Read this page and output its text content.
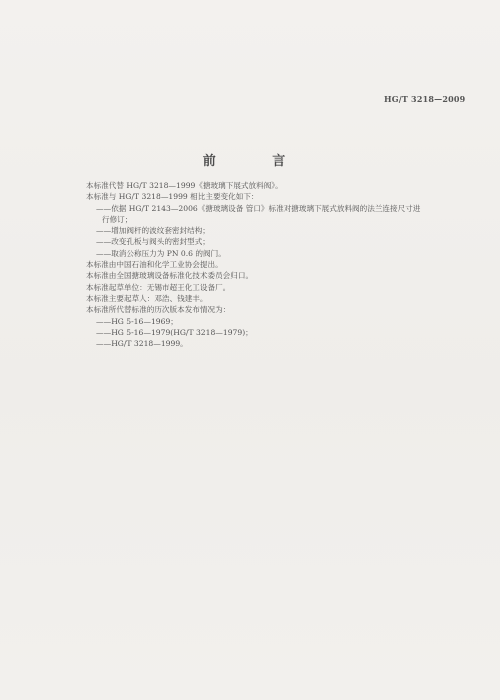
HG/T 3218—2009
前 言

本标准代替 HG/T 3218—1999《搪玻璃下展式放料阀》。

本标准与 HG/T 3218—1999 相比主要变化如下：

——依据 HG/T 2143—2006《搪玻璃设备 管口》标准对搪玻璃下展式放料阀的法兰连接尺寸进

行修订；

——增加阀杆的波纹套密封结构；

——改变孔板与阀头的密封型式；

——取消公称压力为 PN 0.6 的阀门。

本标准由中国石油和化学工业协会提出。

本标准由全国搪玻璃设备标准化技术委员会归口。

本标准起草单位：无锡市超王化工设备厂。

本标准主要起草人：邓浩、钱建丰。

本标准所代替标准的历次版本发布情况为：

——HG 5-16—1969；

——HG 5-16—1979(HG/T 3218—1979)；

——HG/T 3218—1999。
